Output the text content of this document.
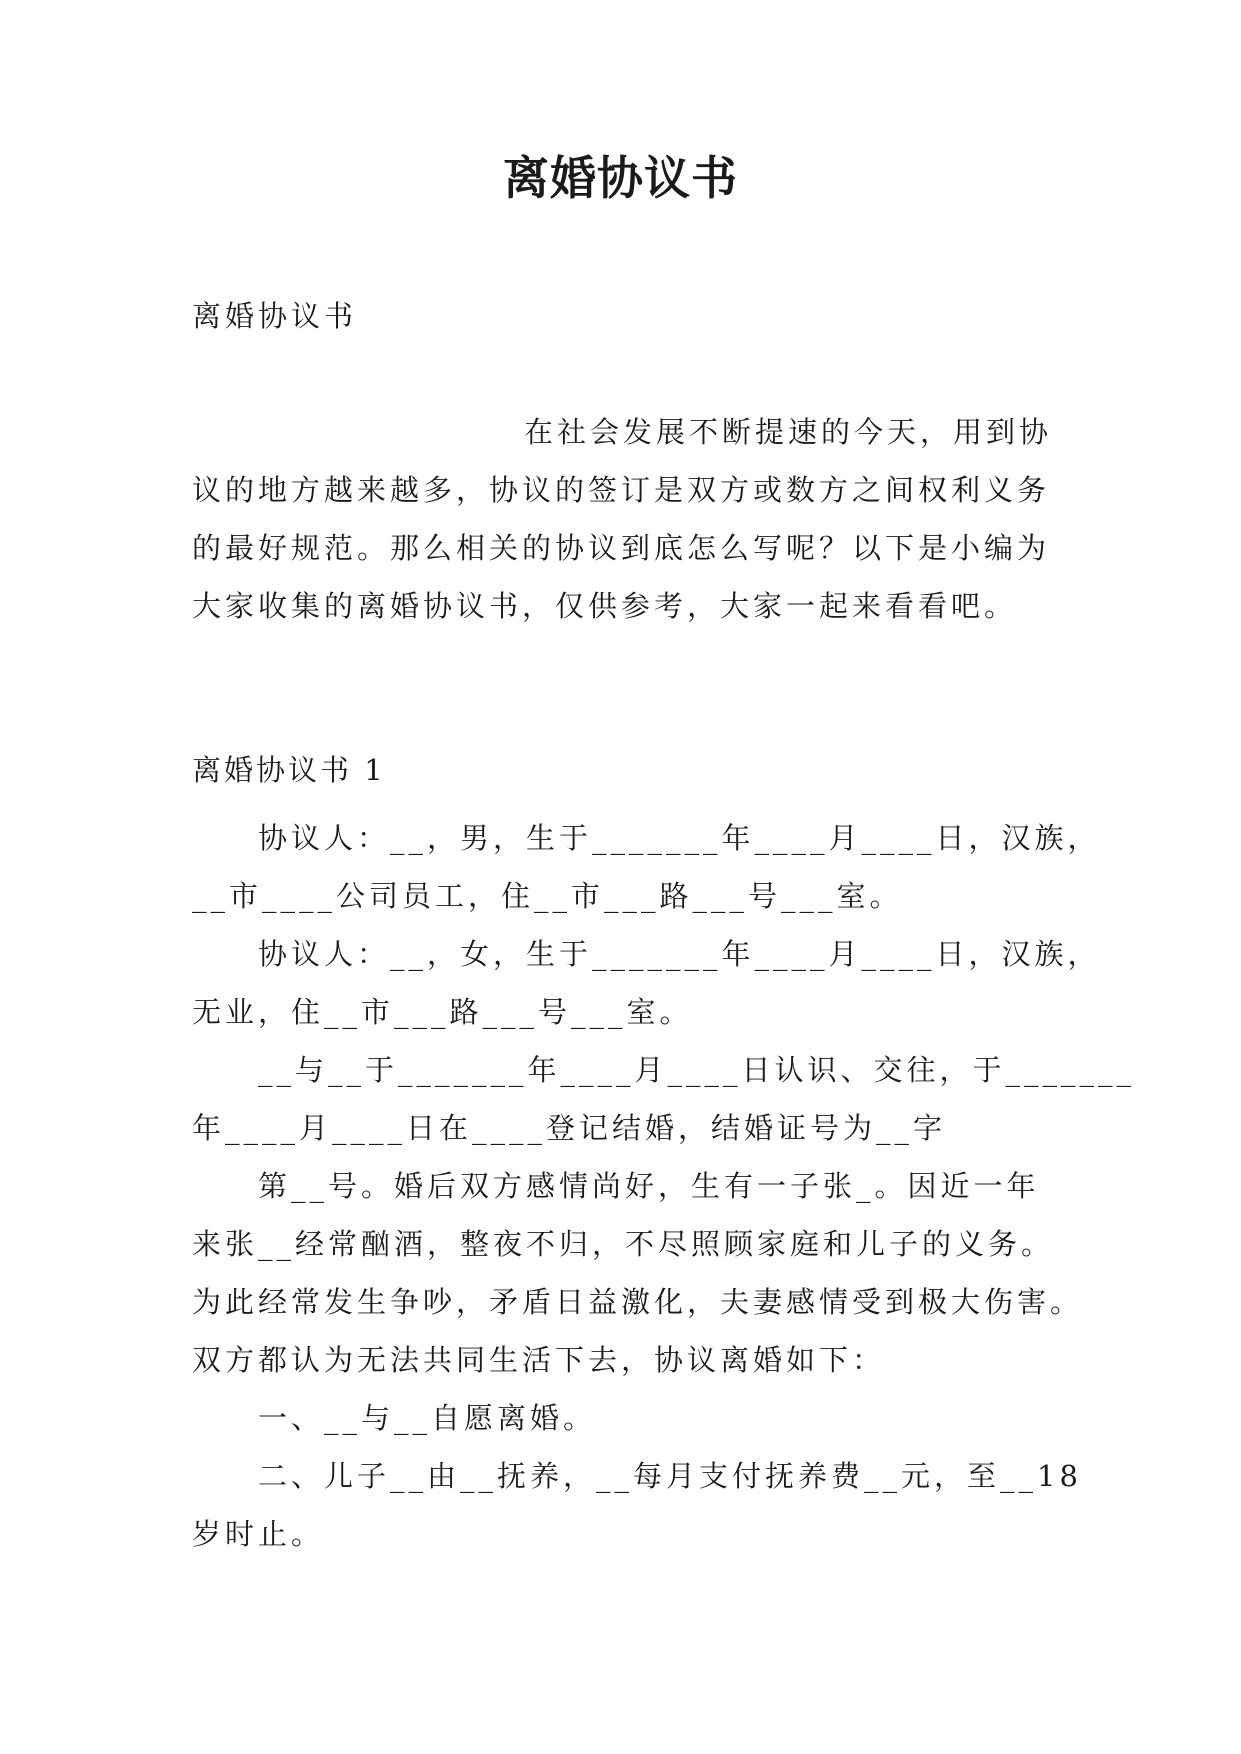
离婚协议书
离婚协议书
在社会发展不断提速的今天，用到协
议的地方越来越多，协议的签订是双方或数方之间权利义务
的最好规范。那么相关的协议到底怎么写呢？以下是小编为
大家收集的离婚协议书，仅供参考，大家一起来看看吧。
离婚协议书 1
协议人：__，男，生于_______年____月____日，汉族，
__市____公司员工，住__市___路___号___室。
协议人：__，女，生于_______年____月____日，汉族，
无业，住__市___路___号___室。
__与__于_______年____月____日认识、交往，于_______
年____月____日在____登记结婚，结婚证号为__字
第__号。婚后双方感情尚好，生有一子张_。因近一年
来张__经常酗酒，整夜不归，不尽照顾家庭和儿子的义务。
为此经常发生争吵，矛盾日益激化，夫妻感情受到极大伤害。
双方都认为无法共同生活下去，协议离婚如下：
一、__与__自愿离婚。
二、儿子__由__抚养，__每月支付抚养费__元，至__18
岁时止。
